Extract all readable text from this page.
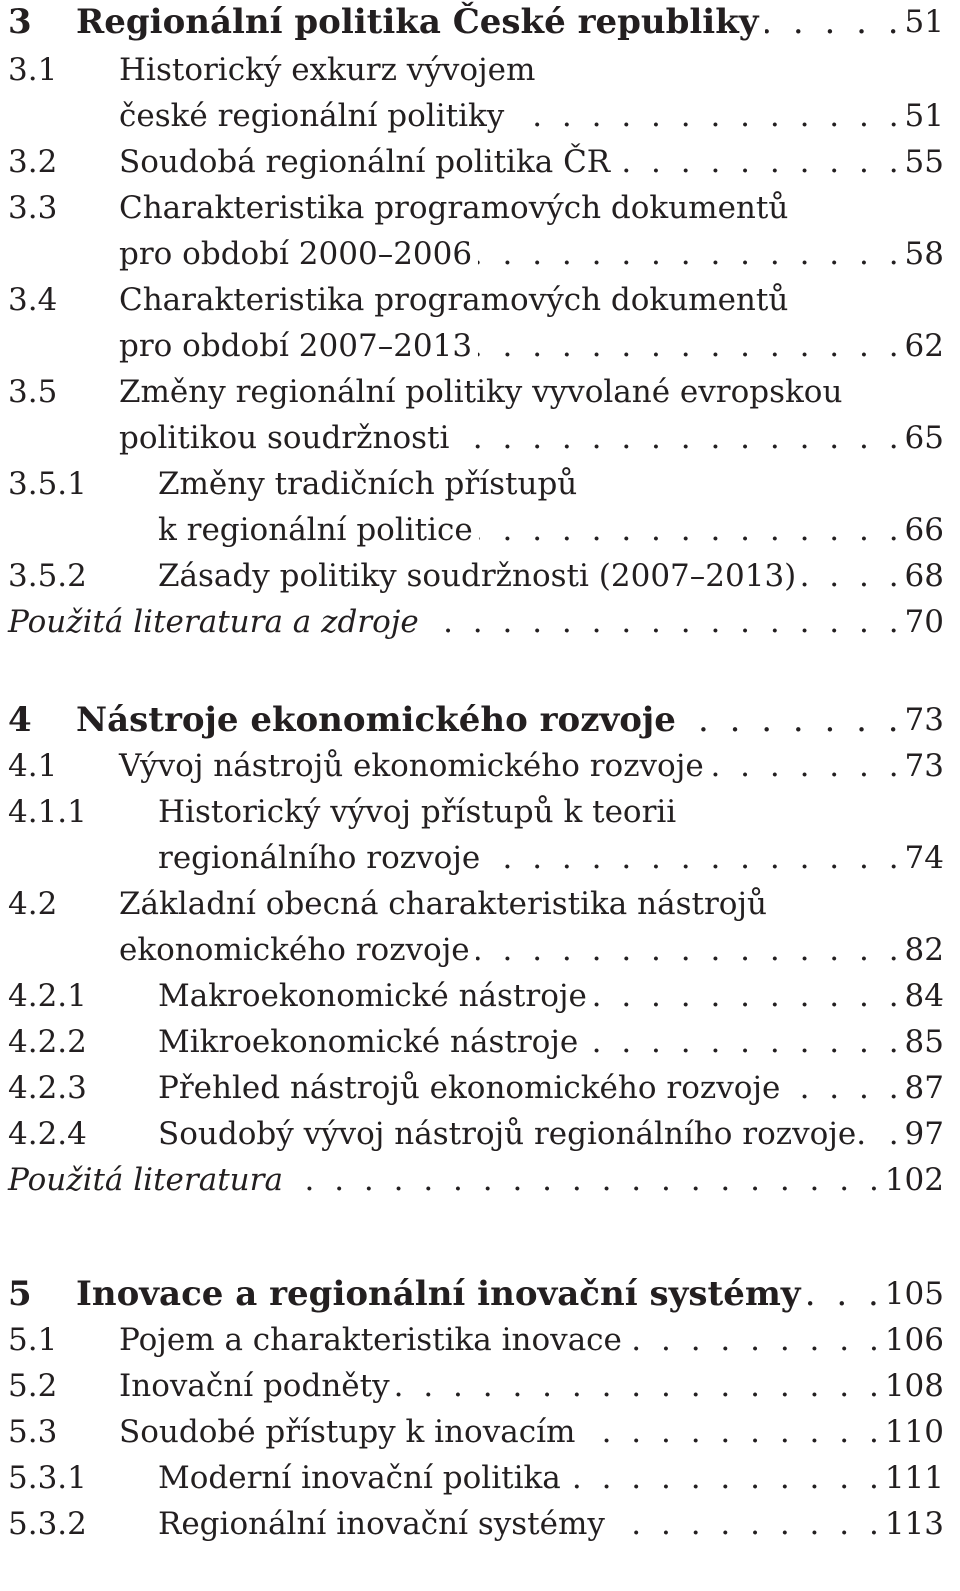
3 Regionální politika České republiky	51
. . .
3.1 Historický exkurz vývojem
české regionální politiky	51
. . .
3.2 Soudobá regionální politika ČR	55
. . .
3.3 Charakteristika programových dokumentů
pro období 2000–2006	58
. . .
3.4 Charakteristika programových dokumentů
pro období 2007–2013	62
. . .
3.5 Změny regionální politiky vyvolané evropskou
politikou soudržnosti	65
. . .
3.5.1 Změny tradičních přístupů
k regionální politice	66
. . .
3.5.2 Zásady politiky soudržnosti (2007–2013)	68
. . .
Použitá literatura a zdroje	70
. . .
4 Nástroje ekonomického rozvoje	73
. . .
4.1 Vývoj nástrojů ekonomického rozvoje	73
. . .
4.1.1 Historický vývoj přístupů k teorii
regionálního rozvoje	74
. . .
4.2 Základní obecná charakteristika nástrojů
ekonomického rozvoje	82
. . .
4.2.1 Makroekonomické nástroje	84
. . .
4.2.2 Mikroekonomické nástroje	85
. . .
4.2.3 Přehled nástrojů ekonomického rozvoje	87
. . .
4.2.4 Soudobý vývoj nástrojů regionálního rozvoje. 97
. . .
Použitá literatura	102
. . .
5 Inovace a regionální inovační systémy	105
. . .
5.1 Pojem a charakteristika inovace	106
. . .
5.2 Inovační podněty	108
. . .
5.3 Soudobé přístupy k inovacím	110
. . .
5.3.1 Moderní inovační politika	111
. . .
5.3.2 Regionální inovační systémy	113
. . .
